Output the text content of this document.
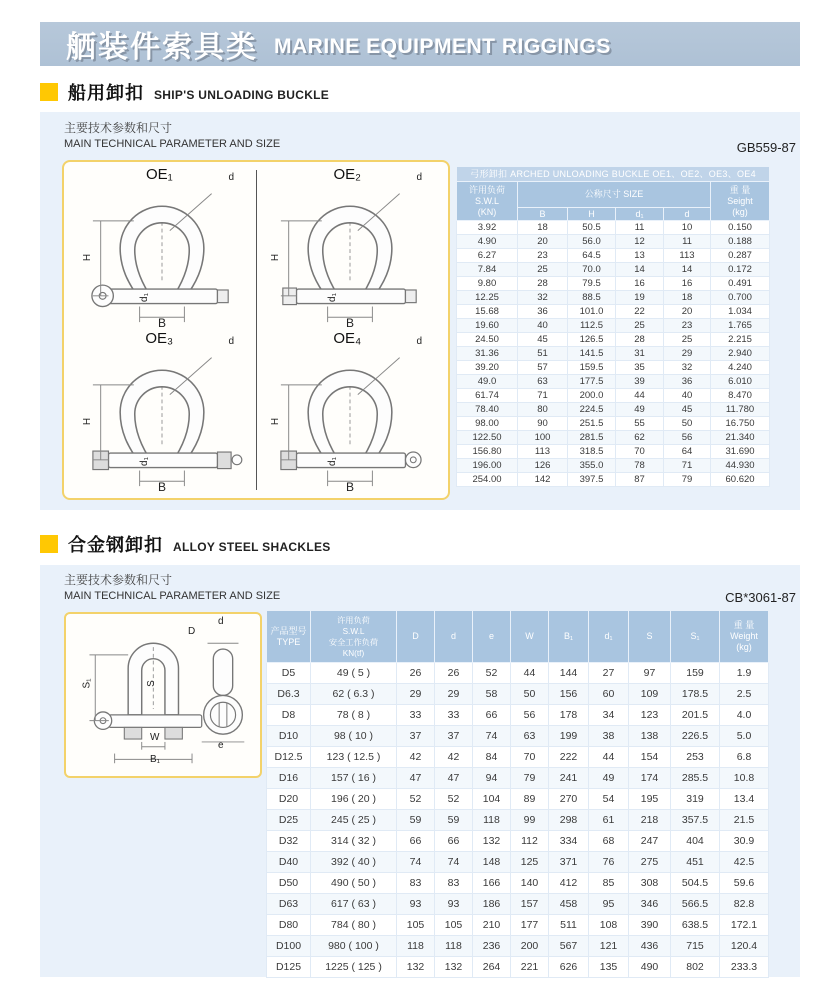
舾装件索具类 MARINE EQUIPMENT RIGGINGS
船用卸扣 SHIP'S UNLOADING BUCKLE
主要技术参数和尺寸
MAIN TECHNICAL PARAMETER AND SIZE	GB559-87
OE₁	d
H
d₁
B
OE₂	d
H
d₁
B
OE₃	d
H
d₁
B
OE₄	d
H
d₁
B
弓形卸扣 ARCHED UNLOADING BUCKLE OE1、OE2、OE3、OE4					

许用负荷
S.W.L
(KN)
	公称尺寸 SIZE	重 量
Seight
(kg)

	B	H	d₁	d	
3.92	18	50.5	11	10	0.150
4.90	20	56.0	12	11	0.188
6.27	23	64.5	13	113	0.287
7.84	25	70.0	14	14	0.172
9.80	28	79.5	16	16	0.491
12.25	32	88.5	19	18	0.700
15.68	36	101.0	22	20	1.034
19.60	40	112.5	25	23	1.765
24.50	45	126.5	28	25	2.215
31.36	51	141.5	31	29	2.940
39.20	57	159.5	35	32	4.240
49.0	63	177.5	39	36	6.010
61.74	71	200.0	44	40	8.470
78.40	80	224.5	49	45	11.780
98.00	90	251.5	55	50	16.750
122.50	100	281.5	62	56	21.340
156.80	113	318.5	70	64	31.690
196.00	126	355.0	78	71	44.930
254.00	142	397.5	87	79	60.620
合金钢卸扣 ALLOY STEEL SHACKLES
主要技术参数和尺寸
MAIN TECHNICAL PARAMETER AND SIZE	CB*3061-87
D
d
S₁	S
W
B₁
e
产品型号
TYPE

许用负荷
S.W.L
安全工作负荷
KN(tf)
	D	d	e	W	B₁	d₁	S	S₁	
重 量
Weight
(kg)

D5	49 ( 5 )	26	26	52	44	144	27	97	159	1.9
D6.3	62 ( 6.3 )	29	29	58	50	156	60	109	178.5	2.5
D8	78 ( 8 )	33	33	66	56	178	34	123	201.5	4.0
D10	98 ( 10 )	37	37	74	63	199	38	138	226.5	5.0
D12.5	123 ( 12.5 )	42	42	84	70	222	44	154	253	6.8
D16	157 ( 16 )	47	47	94	79	241	49	174	285.5	10.8
D20	196 ( 20 )	52	52	104	89	270	54	195	319	13.4
D25	245 ( 25 )	59	59	118	99	298	61	218	357.5	21.5
D32	314 ( 32 )	66	66	132	112	334	68	247	404	30.9
D40	392 ( 40 )	74	74	148	125	371	76	275	451	42.5
D50	490 ( 50 )	83	83	166	140	412	85	308	504.5	59.6
D63	617 ( 63 )	93	93	186	157	458	95	346	566.5	82.8
D80	784 ( 80 )	105	105	210	177	511	108	390	638.5	172.1
D100	980 ( 100 )	118	118	236	200	567	121	436	715	120.4
D125	1225 ( 125 )	132	132	264	221	626	135	490	802	233.3
